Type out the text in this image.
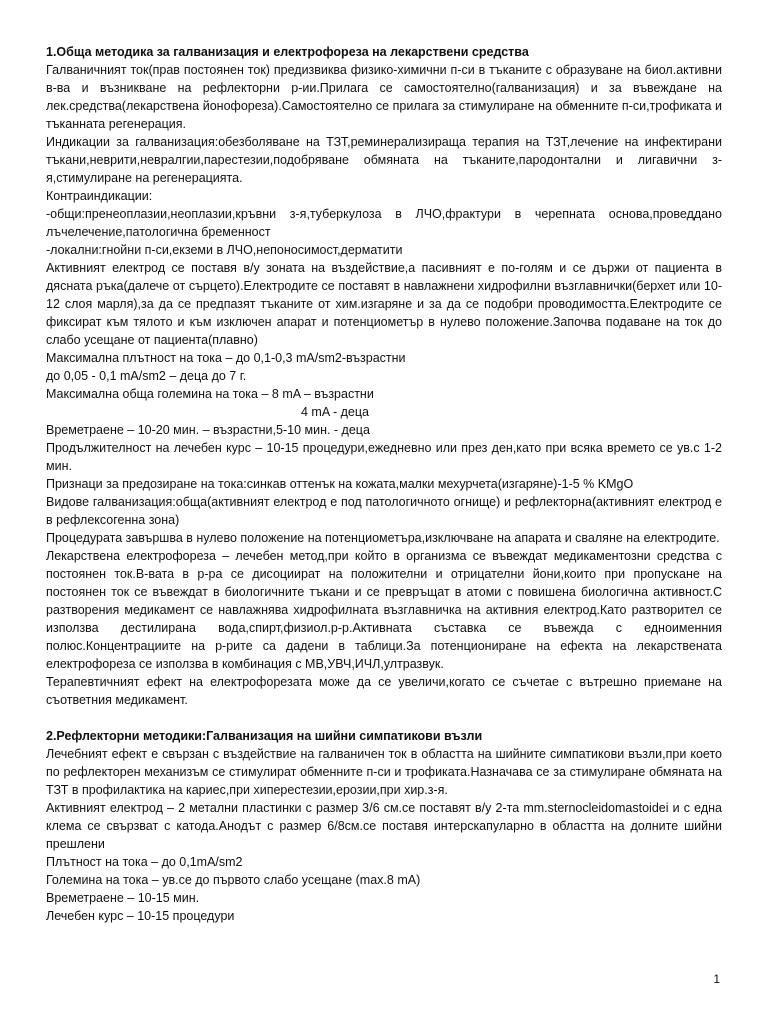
1.Обща методика за галванизация и електрофореза на лекарствени средства

Галваничният ток(прав постоянен ток) предизвиква физико-химични п-си в тъканите с образуване на биол.активни в-ва и възникване на рефлекторни р-ии.Прилага се самостоятелно(галванизация) и за въвеждане на лек.средства(лекарствена йонофореза).Самостоятелно се прилага за стимулиране на обменните п-си,трофиката и тъканната регенерация.

Индикации за галванизация:обезболяване на ТЗТ,реминерализираща терапия на ТЗТ,лечение на инфектирани тъкани,неврити,невралгии,парестезии,подобряване обмяната на тъканите,пародонтални и лигавични з-я,стимулиране на регенерацията.

Контраиндикации:

-общи:пренеоплазии,неоплазии,кръвни з-я,туберкулоза в ЛЧО,фрактури в черепната основа,проведдано лъчелечение,патологична бременност

-локални:гнойни п-си,екземи в ЛЧО,непоносимост,дерматити

Активният електрод се поставя в/у зоната на въздействие,а пасивният е по-голям и се държи от пациента в дясната ръка(далече от сърцето).Електродите се поставят в навлажнени хидрофилни възглавнички(берхет или 10-12 слоя марля),за да се предпазят тъканите от хим.изгаряне и за да се подобри проводимостта.Електродите се фиксират към тялото и към изключен апарат и потенциометър в нулево положение.Започва подаване на ток до слабо усещане от пациента(плавно)

Максимална плътност на тока – до 0,1-0,3 mA/sm2-възрастни

до 0,05 - 0,1 mA/sm2 – деца до 7 г.

Максимална обща големина на тока – 8 mA – възрастни

4 mA - деца

Времетраене – 10-20 мин. – възрастни,5-10 мин. - деца

Продължителност на лечебен курс – 10-15 процедури,ежедневно или през ден,като при всяка времето се ув.с 1-2 мин.

Признаци за предозиране на тока:синкав оттенък на кожата,малки мехурчета(изгаряне)-1-5 % KMgO

Видове галванизация:обща(активният електрод е под патологичното огнище) и рефлекторна(активният електрод е в рефлексогенна зона)

Процедурата завършва в нулево положение на потенциометъра,изключване на апарата и сваляне на електродите.

Лекарствена електрофореза – лечебен метод,при който в организма се въвеждат медикаментозни средства с постоянен ток.В-вата в р-ра се дисоциират на положителни и отрицателни йони,които при пропускане на постоянен ток се въвеждат в биологичните тъкани и се превръщат в атоми с повишена биологична активност.С разтворения медикамент се навлажнява хидрофилната възглавничка на активния електрод.Като разтворител се използва дестилирана вода,спирт,физиол.р-р.Активната съставка се въвежда с едноименния полюс.Концентрациите на р-рите са дадени в таблици.За потенциониране на ефекта на лекарствената електрофореза се използва в комбинация с МВ,УВЧ,ИЧЛ,ултразвук.

Терапевтичният ефект на електрофорезата може да се увеличи,когато се съчетае с вътрешно приемане на съответния медикамент.

2.Рефлекторни методики:Галванизация на шийни симпатикови възли

Лечебният ефект е свързан с въздействие на галваничен ток в областта на шийните симпатикови възли,при което по рефлекторен механизъм се стимулират обменните п-си и трофиката.Назначава се за стимулиране обмяната на ТЗТ в профилактика на кариес,при хиперестезии,ерозии,при хир.з-я.

Активният електрод – 2 метални пластинки с размер 3/6 см.се поставят в/у 2-та mm.sternocleidomastoidei и с една клема се свързват с катода.Анодът с размер 6/8см.се поставя интерскапуларно в областта на долните шийни прешлени

Плътност на тока – до 0,1mA/sm2

Големина на тока – ув.се до първото слабо усещане (max.8 mA)

Времетраене – 10-15 мин.

Лечебен курс – 10-15 процедури

1
